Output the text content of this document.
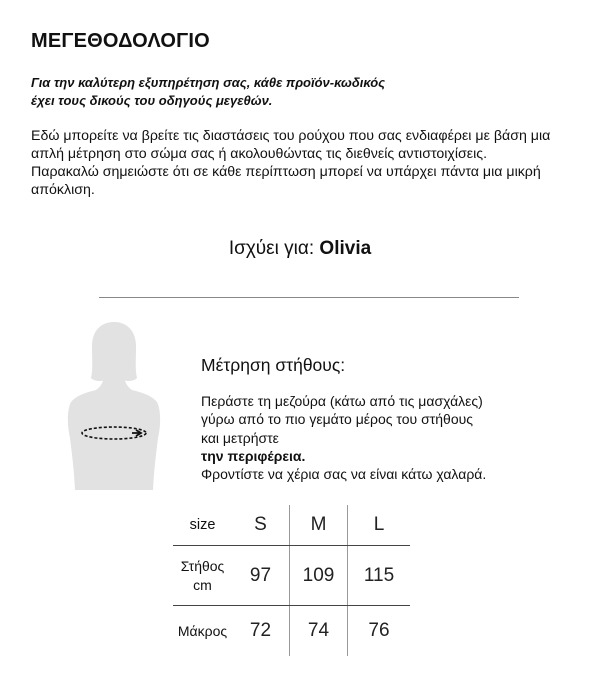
ΜΕΓΕΘΟΔΟΛΟΓΙΟ
Για την καλύτερη εξυπηρέτηση σας, κάθε προϊόν-κωδικός
έχει τους δικούς του οδηγούς μεγεθών.

Εδώ μπορείτε να βρείτε τις διαστάσεις του ρούχου που σας ενδιαφέρει με βάση μια απλή μέτρηση στο σώμα σας ή ακολουθώντας τις διεθνείς αντιστοιχίσεις.

Παρακαλώ σημειώστε ότι σε κάθε περίπτωση μπορεί να υπάρχει πάντα μια μικρή απόκλιση.

Ισχύει για: Olivia
Μέτρηση στήθους:
Περάστε τη μεζούρα (κάτω από τις μασχάλες)
γύρω από το πιο γεμάτο μέρος του στήθους
και μετρήστε
την περιφέρεια.
Φροντίστε να χέρια σας να είναι κάτω χαλαρά.
size	S	M	L

Στήθος
cm	97	109	115
Μάκρος	72	74	76
